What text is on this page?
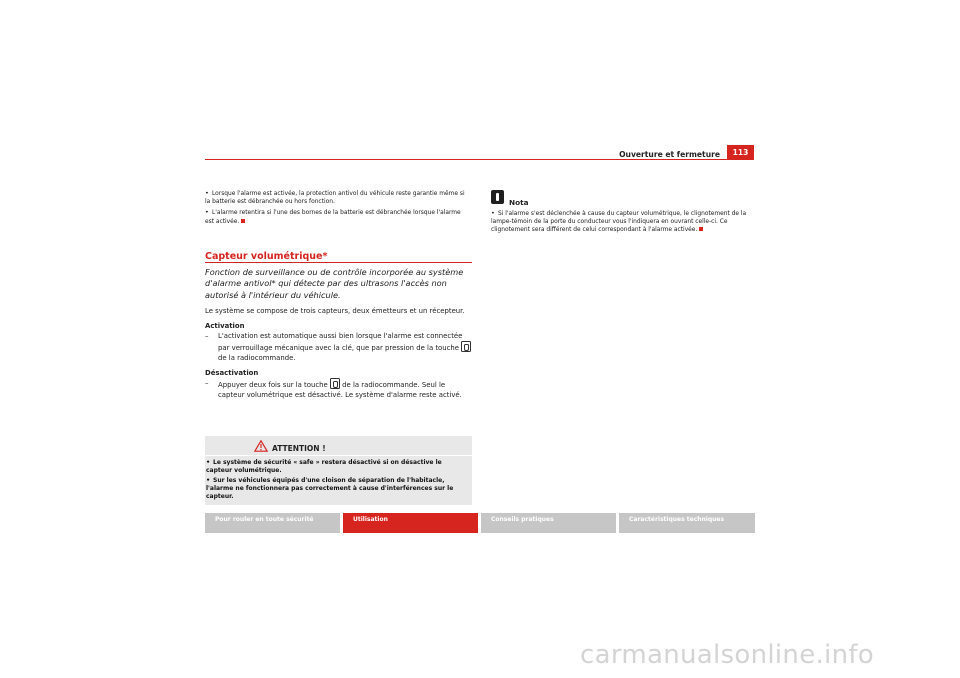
Ouverture et fermeture	113

• Lorsque l'alarme est activée, la protection antivol du véhicule reste garantie même si la batterie est débranchée ou hors fonction.

• L'alarme retentira si l'une des bornes de la batterie est débranchée lorsque l'alarme est activée.

Capteur volumétrique*
Fonction de surveillance ou de contrôle incorporée au système d'alarme antivol* qui détecte par des ultrasons l'accès non autorisé à l'intérieur du véhicule.
Le système se compose de trois capteurs, deux émetteurs et un récepteur.
Activation
– L'activation est automatique aussi bien lorsque l'alarme est connectée par verrouillage mécanique avec la clé, que par pression de la touche  de la radiocommande.
Désactivation
– Appuyer deux fois sur la touche de la radiocommande. Seul le capteur volumétrique est désactivé. Le système d'alarme reste activé.
ATTENTION !

• Le système de sécurité « safe » restera désactivé si on désactive le capteur volumétrique.

• Sur les véhicules équipés d'une cloison de séparation de l'habitacle, l'alarme ne fonctionnera pas correctement à cause d'interférences sur le capteur.

Nota

• Si l'alarme s'est déclenchée à cause du capteur volumétrique, le clignotement de la lampe-témoin de la porte du conducteur vous l'indiquera en ouvrant celle-ci. Ce clignotement sera différent de celui correspondant à l'alarme activée.

Pour rouler en toute sécurité	Utilisation	Conseils pratiques	Caractéristiques techniques
carmanualsonline.info
